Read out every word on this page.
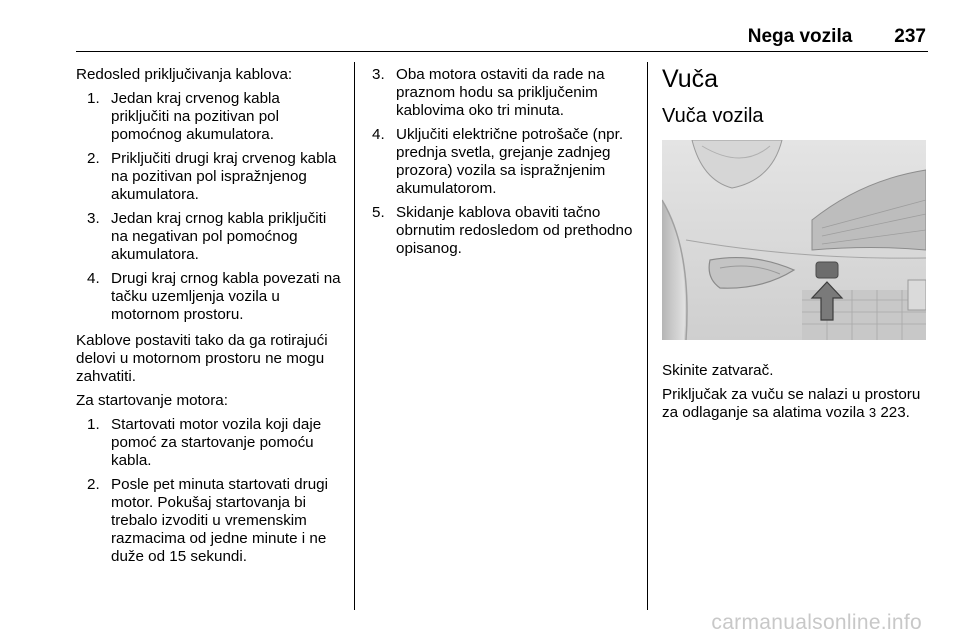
Nega vozila 237

Redosled priključivanja kablova:

1. Jedan kraj crvenog kabla priključiti na pozitivan pol pomoćnog akumulatora.
2. Priključiti drugi kraj crvenog kabla na pozitivan pol ispražnjenog akumulatora.
3. Jedan kraj crnog kabla priključiti na negativan pol pomoćnog akumulatora.
4. Drugi kraj crnog kabla povezati na tačku uzemljenja vozila u motornom prostoru.

Kablove postaviti tako da ga rotirajući delovi u motornom prostoru ne mogu zahvatiti.

Za startovanje motora:

1. Startovati motor vozila koji daje pomoć za startovanje pomoću kabla.
2. Posle pet minuta startovati drugi motor. Pokušaj startovanja bi trebalo izvoditi u vremenskim razmacima od jedne minute i ne duže od 15 sekundi.
3. Oba motora ostaviti da rade na praznom hodu sa priključenim kablovima oko tri minuta.
4. Uključiti električne potrošače (npr. prednja svetla, grejanje zadnjeg prozora) vozila sa ispražnjenim akumulatorom.
5. Skidanje kablova obaviti tačno obrnutim redosledom od prethodno opisanog.
Vuča
Vuča vozila

Skinite zatvarač.

Priključak za vuču se nalazi u prostoru za odlaganje sa alatima vozila 3 223.

carmanualsonline.info
